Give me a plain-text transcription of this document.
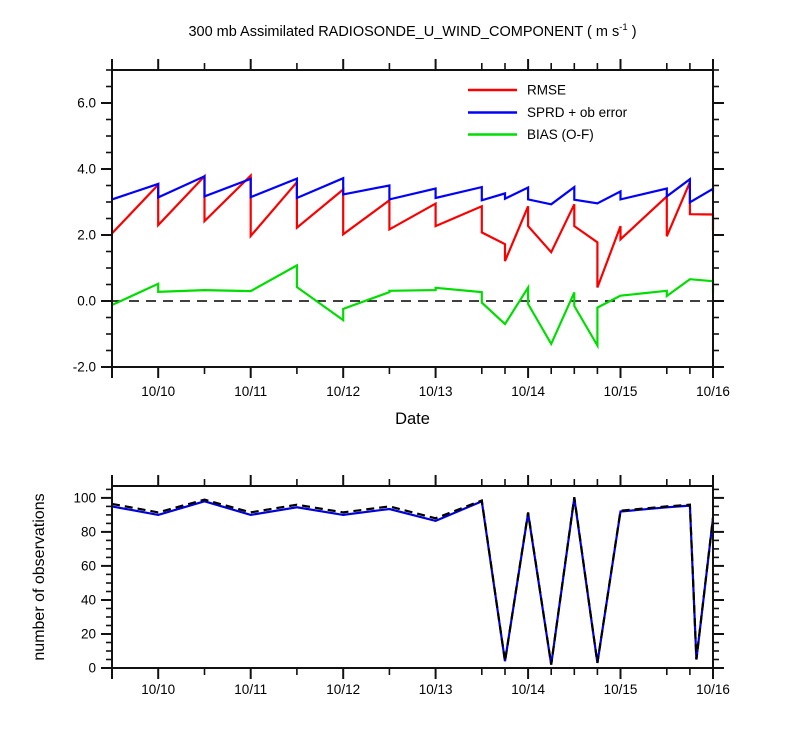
300 mb Assimilated RADIOSONDE_U_WIND_COMPONENT ( m $s^{-1}$ )
10/10	10/11	10/12	10/13	10/14	10/15	10/16
-2.0
0.0
2.0
4.0
6.0
Date
RMSE
SPRD + ob error
BIAS (O-F)
10/10	10/11	10/12	10/13	10/14	10/15	10/16
0
20
40
60
80
100
number of observations
